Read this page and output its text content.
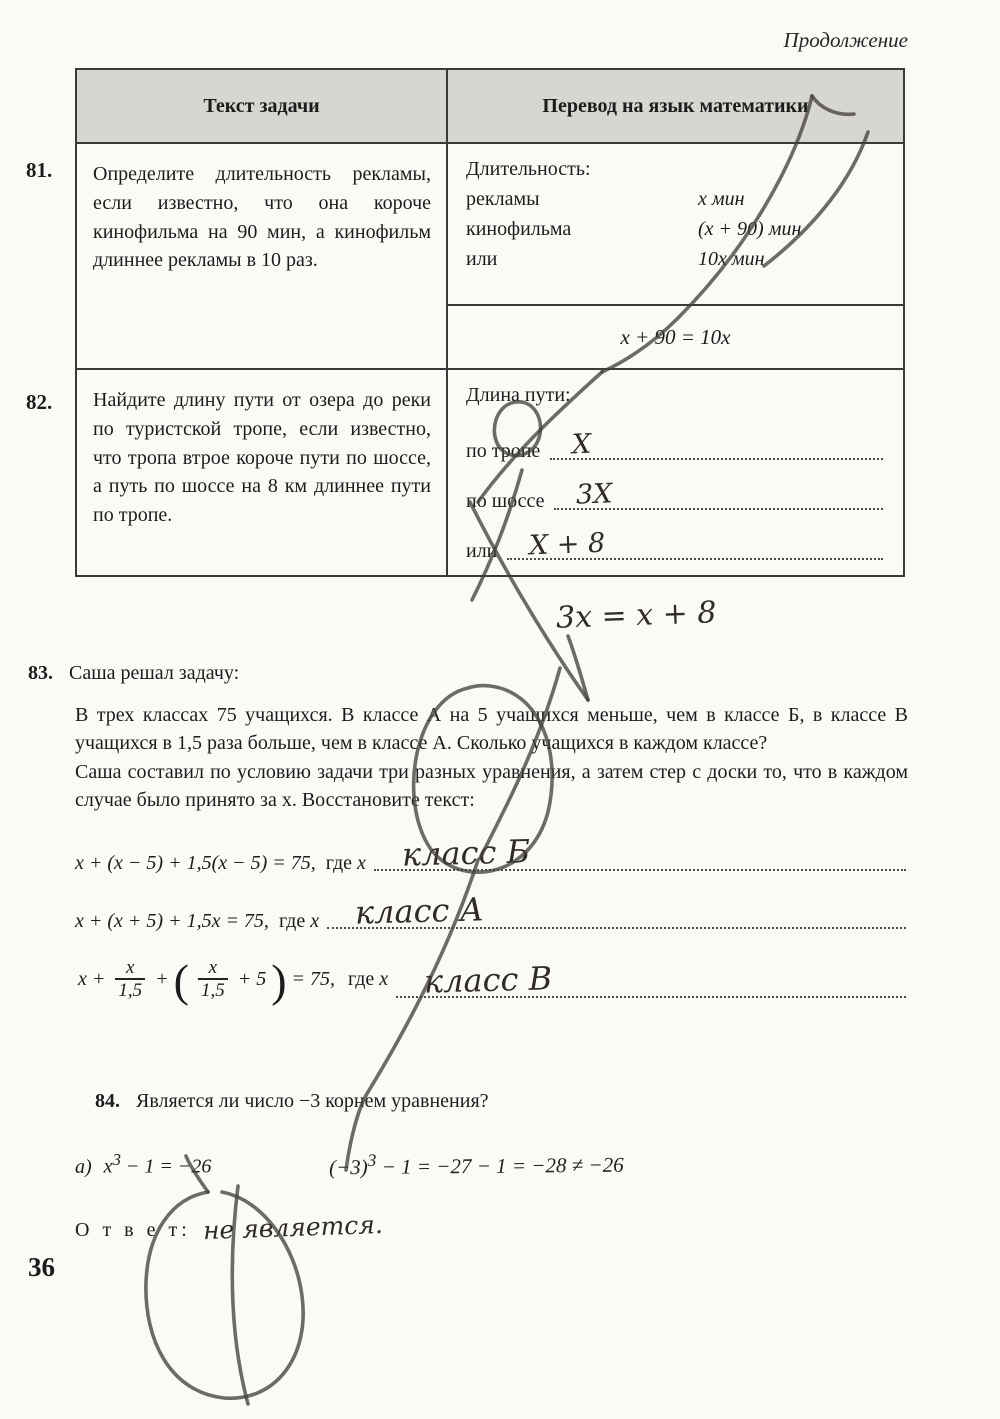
Продолжение
81.
82.
Текст задачи	Перевод на язык математики
Определите длительность рекламы, если известно, что она короче кинофильма на 90 мин, а кинофильм длиннее рекламы в 10 раз.
Длительность:
рекламы	x мин
кинофильма	(x + 90) мин
или	10x мин
x + 90 = 10x
Найдите длину пути от озера до реки по туристской тропе, если известно, что тропа втрое короче пути по шоссе, а путь по шоссе на 8 км длиннее пути по тропе.
Длина пути:
по тропе X
по шоссе 3X
или X + 8
3x = x + 8
83. Саша решал задачу:
В трех классах 75 учащихся. В классе А на 5 учащихся меньше, чем в классе Б, в классе В учащихся в 1,5 раза больше, чем в классе А. Сколько учащихся в каждом классе?
Саша составил по условию задачи три разных уравнения, а затем стер с доски то, что в каждом случае было принято за x. Восстановите текст:
x + (x − 5) + 1,5(x − 5) = 75, где x класс Б
x + (x + 5) + 1,5x = 75, где x класс А
$x + \frac{x}{1,5}$ + ( $\frac{x}{1,5} + 5$ ) = 75, где x класс В
84. Является ли число −3 корнем уравнения?
а) $x^3 - 1 = -26$	$(-3)^3 - 1 = -27 - 1 = -28 \ne -26$
О т в е т: не является.
36
